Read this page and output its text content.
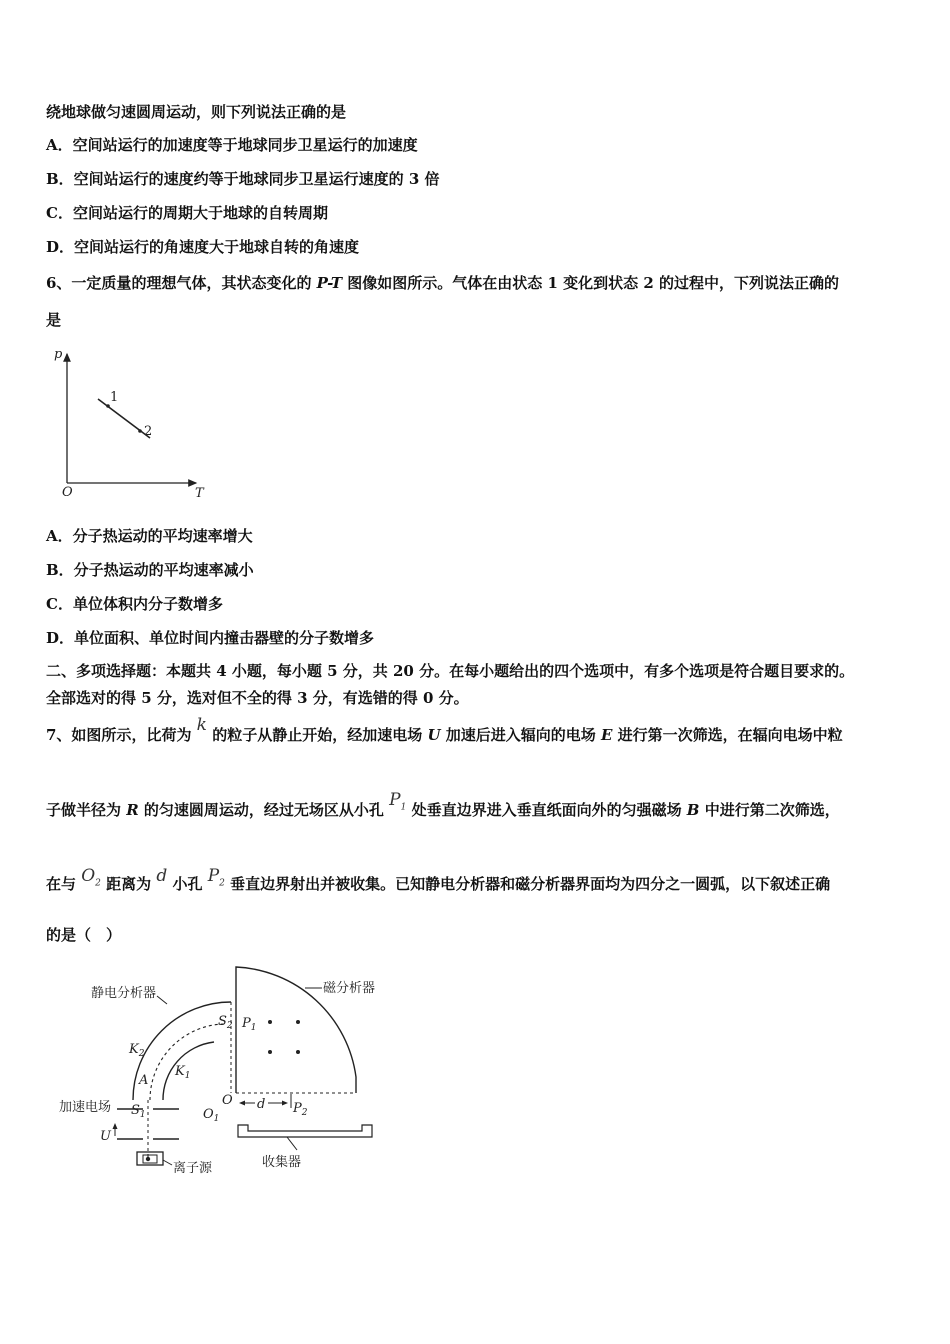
绕地球做匀速圆周运动，则下列说法正确的是
A．空间站运行的加速度等于地球同步卫星运行的加速度
B．空间站运行的速度约等于地球同步卫星运行速度的 3 倍
C．空间站运行的周期大于地球的自转周期
D．空间站运行的角速度大于地球自转的角速度
6、一定质量的理想气体，其状态变化的 P-T 图像如图所示。气体在由状态 1 变化到状态 2 的过程中，下列说法正确的
是
p
T
O
1
2
A．分子热运动的平均速率增大
B．分子热运动的平均速率减小
C．单位体积内分子数增多
D．单位面积、单位时间内撞击器壁的分子数增多
二、多项选择题：本题共 4 小题，每小题 5 分，共 20 分。在每小题给出的四个选项中，有多个选项是符合题目要求的。
全部选对的得 5 分，选对但不全的得 3 分，有选错的得 0 分。
7、如图所示，比荷为 k 的粒子从静止开始，经加速电场 U 加速后进入辐向的电场 E 进行第一次筛选，在辐向电场中粒
子做半径为 R 的匀速圆周运动，经过无场区从小孔 $P_1$ 处垂直边界进入垂直纸面向外的匀强磁场 B 中进行第二次筛选，
在与 $O_2$ 距离为 d 小孔 $P_2$ 垂直边界射出并被收集。已知静电分析器和磁分析器界面均为四分之一圆弧，以下叙述正确
的是（　）
磁分析器
静电分析器
$S_2$ $P_1$
$K_2$
$K_1$
A
O d $P_2$
收集器
$O_1$
$S_1$
加速电场
U
离子源
